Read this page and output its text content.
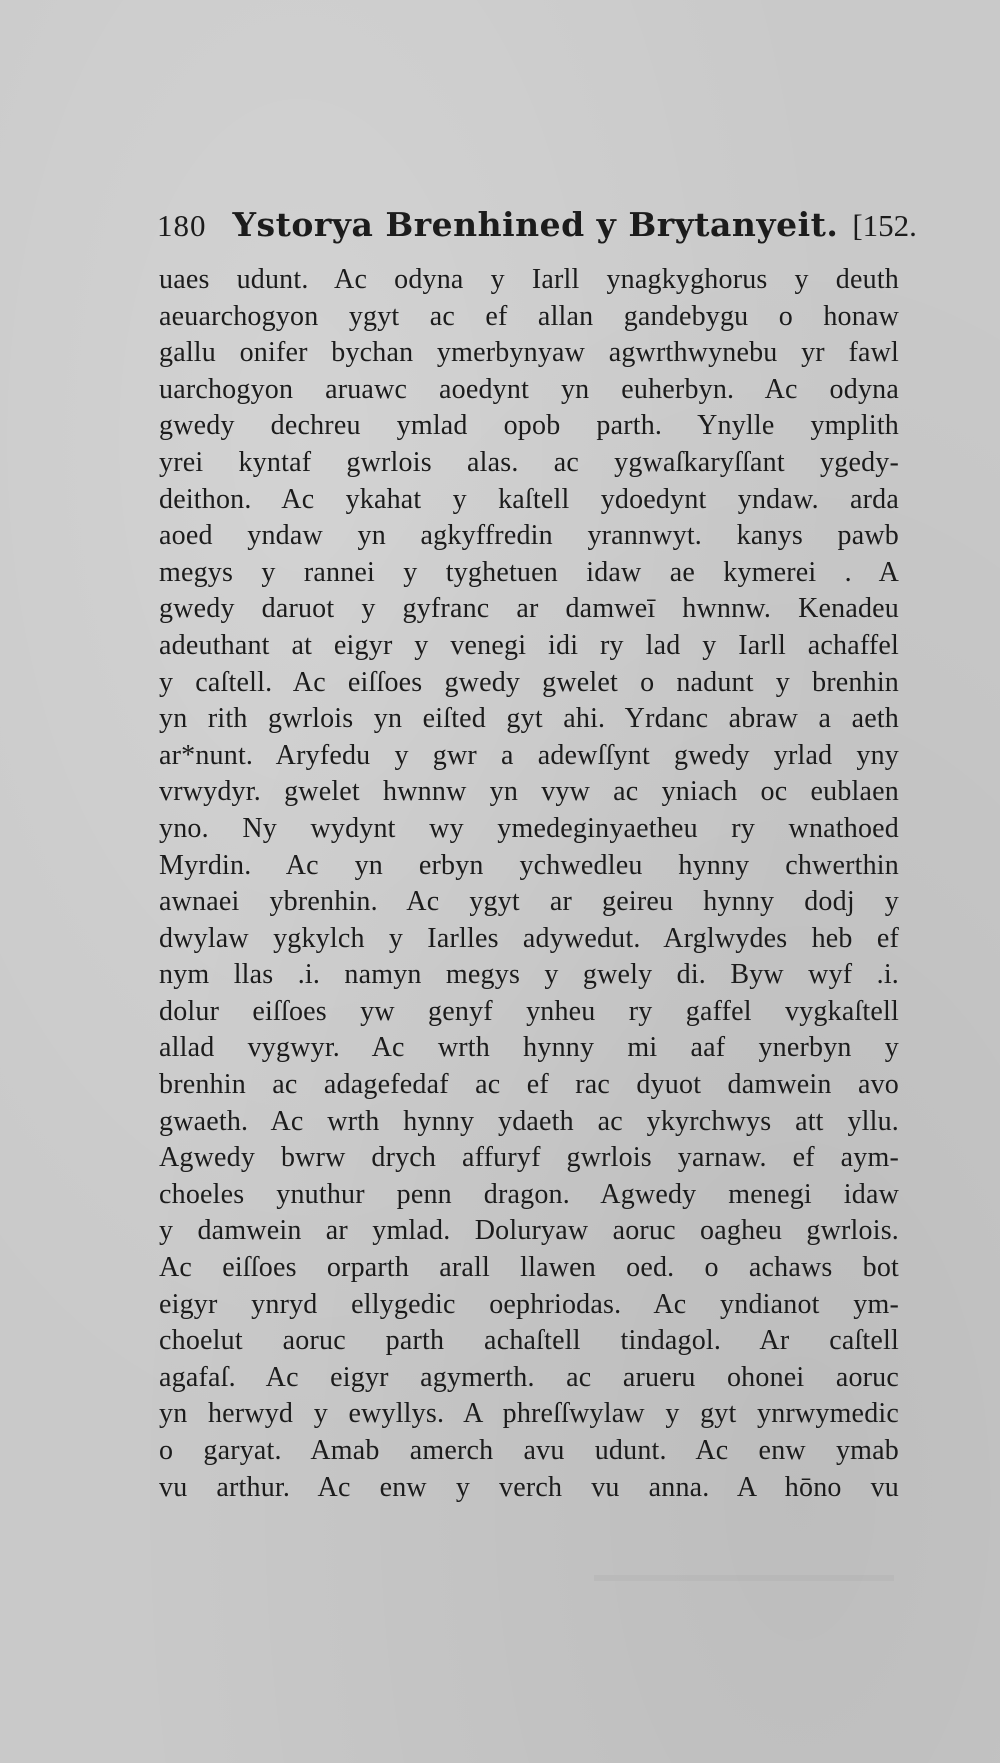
180 Ystorya Brenhined y Brytanyeit. [152.
uaes udunt. Ac odyna y Iarll ynagkyghorus y deuth
aeuarchogyon ygyt ac ef allan gandebygu o honaw
gallu onifer bychan ymerbynyaw agwrthwynebu yr fawl
uarchogyon aruawc aoedynt yn euherbyn. Ac odyna
gwedy dechreu ymlad opob parth. Ynylle ymplith
yrei kyntaf gwrlois alas. ac ygwaſkaryſſant ygedy-
deithon. Ac ykahat y kaſtell ydoedynt yndaw. arda
aoed yndaw yn agkyffredin yrannwyt. kanys pawb
megys y rannei y tyghetuen idaw ae kymerei . A
gwedy daruot y gyfranc ar damweī hwnnw. Kenadeu
adeuthant at eigyr y venegi idi ry lad y Iarll achaffel
y caſtell. Ac eiſſoes gwedy gwelet o nadunt y brenhin
yn rith gwrlois yn eiſted gyt ahi. Yrdanc abraw a aeth
ar*nunt. Aryfedu y gwr a adewſſynt gwedy yrlad yny
vrwydyr. gwelet hwnnw yn vyw ac yniach oc eublaen
yno. Ny wydynt wy ymedeginyaetheu ry wnathoed
Myrdin. Ac yn erbyn ychwedleu hynny chwerthin
awnaei ybrenhin. Ac ygyt ar geireu hynny dodj y
dwylaw ygkylch y Iarlles adywedut. Arglwydes heb ef
nym llas .i. namyn megys y gwely di. Byw wyf .i.
dolur eiſſoes yw genyf ynheu ry gaffel vygkaſtell
allad vygwyr. Ac wrth hynny mi aaf ynerbyn y
brenhin ac adagefedaf ac ef rac dyuot damwein avo
gwaeth. Ac wrth hynny ydaeth ac ykyrchwys att yllu.
Agwedy bwrw drych affuryf gwrlois yarnaw. ef aym-
choeles ynuthur penn dragon. Agwedy menegi idaw
y damwein ar ymlad. Doluryaw aoruc oagheu gwrlois.
Ac eiſſoes orparth arall llawen oed. o achaws bot
eigyr ynryd ellygedic oephriodas. Ac yndianot ym-
choelut aoruc parth achaſtell tindagol. Ar caſtell
agafaſ. Ac eigyr agymerth. ac arueru ohonei aoruc
yn herwyd y ewyllys. A phreſſwylaw y gyt ynrwymedic
o garyat. Amab amerch avu udunt. Ac enw ymab
vu arthur. Ac enw y verch vu anna. A hōno vu
